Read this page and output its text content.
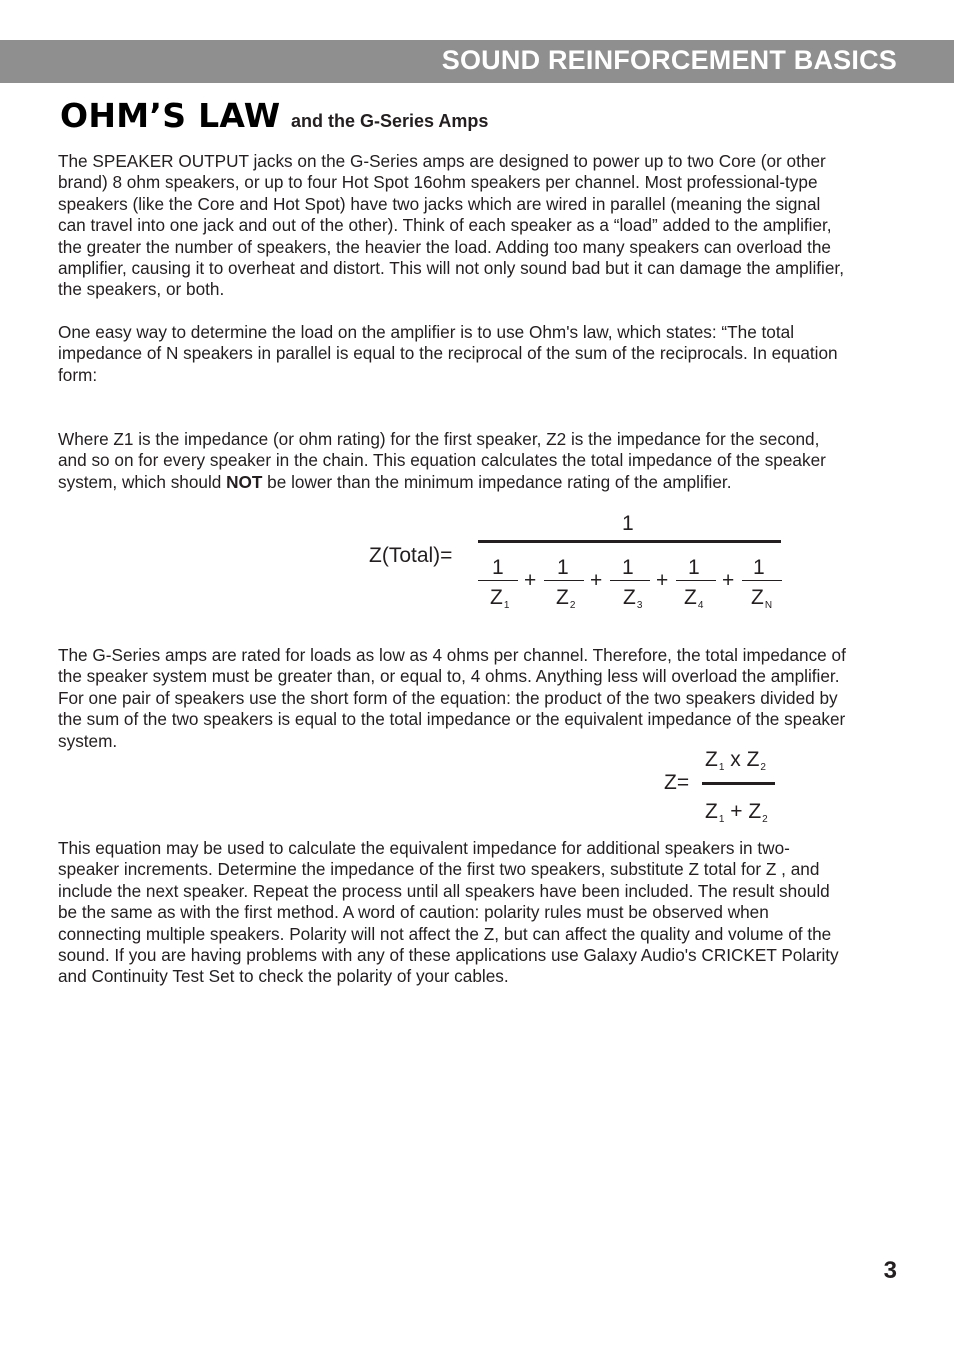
SOUND REINFORCEMENT BASICS
OHM’S LAW and the G-Series Amps

The SPEAKER OUTPUT jacks on the G-Series amps are designed to power up to two Core (or other brand) 8 ohm speakers, or up to four Hot Spot 16ohm speakers per channel. Most professional-type speakers (like the Core and Hot Spot) have two jacks which are wired in parallel (meaning the signal can travel into one jack and out of the other). Think of each speaker as a “load” added to the amplifier, the greater the number of speakers, the heavier the load. Adding too many speakers can overload the amplifier, causing it to overheat and distort. This will not only sound bad but it can damage the amplifier, the speakers, or both.

One easy way to determine the load on the amplifier is to use Ohm's law, which states: “The total impedance of N speakers in parallel is equal to the reciprocal of the sum of the reciprocals. In equation form:

Where Z1 is the impedance (or ohm rating) for the first speaker, Z2 is the impedance for the second, and so on for every speaker in the chain. This equation calculates the total impedance of the speaker system, which should NOT be lower than the minimum impedance rating of the amplifier.

Z(Total)=
1
1
$Z_1$
+
1
$Z_2$
+
1
$Z_3$
+
1
$Z_4$
+
1
$Z_N$

The G-Series amps are rated for loads as low as 4 ohms per channel. Therefore, the total impedance of the speaker system must be greater than, or equal to, 4 ohms. Anything less will overload the amplifier. For one pair of speakers use the short form of the equation: the product of the two speakers divided by the sum of the two speakers is equal to the total impedance or the equivalent impedance of the speaker system.

Z=
$Z_1$ x $Z_2$
$Z_1 + Z_2$

This equation may be used to calculate the equivalent impedance for additional speakers in two-speaker increments. Determine the impedance of the first two speakers, substitute Z total for Z , and include the next speaker. Repeat the process until all speakers have been included. The result should be the same as with the first method. A word of caution: polarity rules must be observed when connecting multiple speakers. Polarity will not affect the Z, but can affect the quality and volume of the sound. If you are having problems with any of these applications use Galaxy Audio's CRICKET Polarity and Continuity Test Set to check the polarity of your cables.

3
